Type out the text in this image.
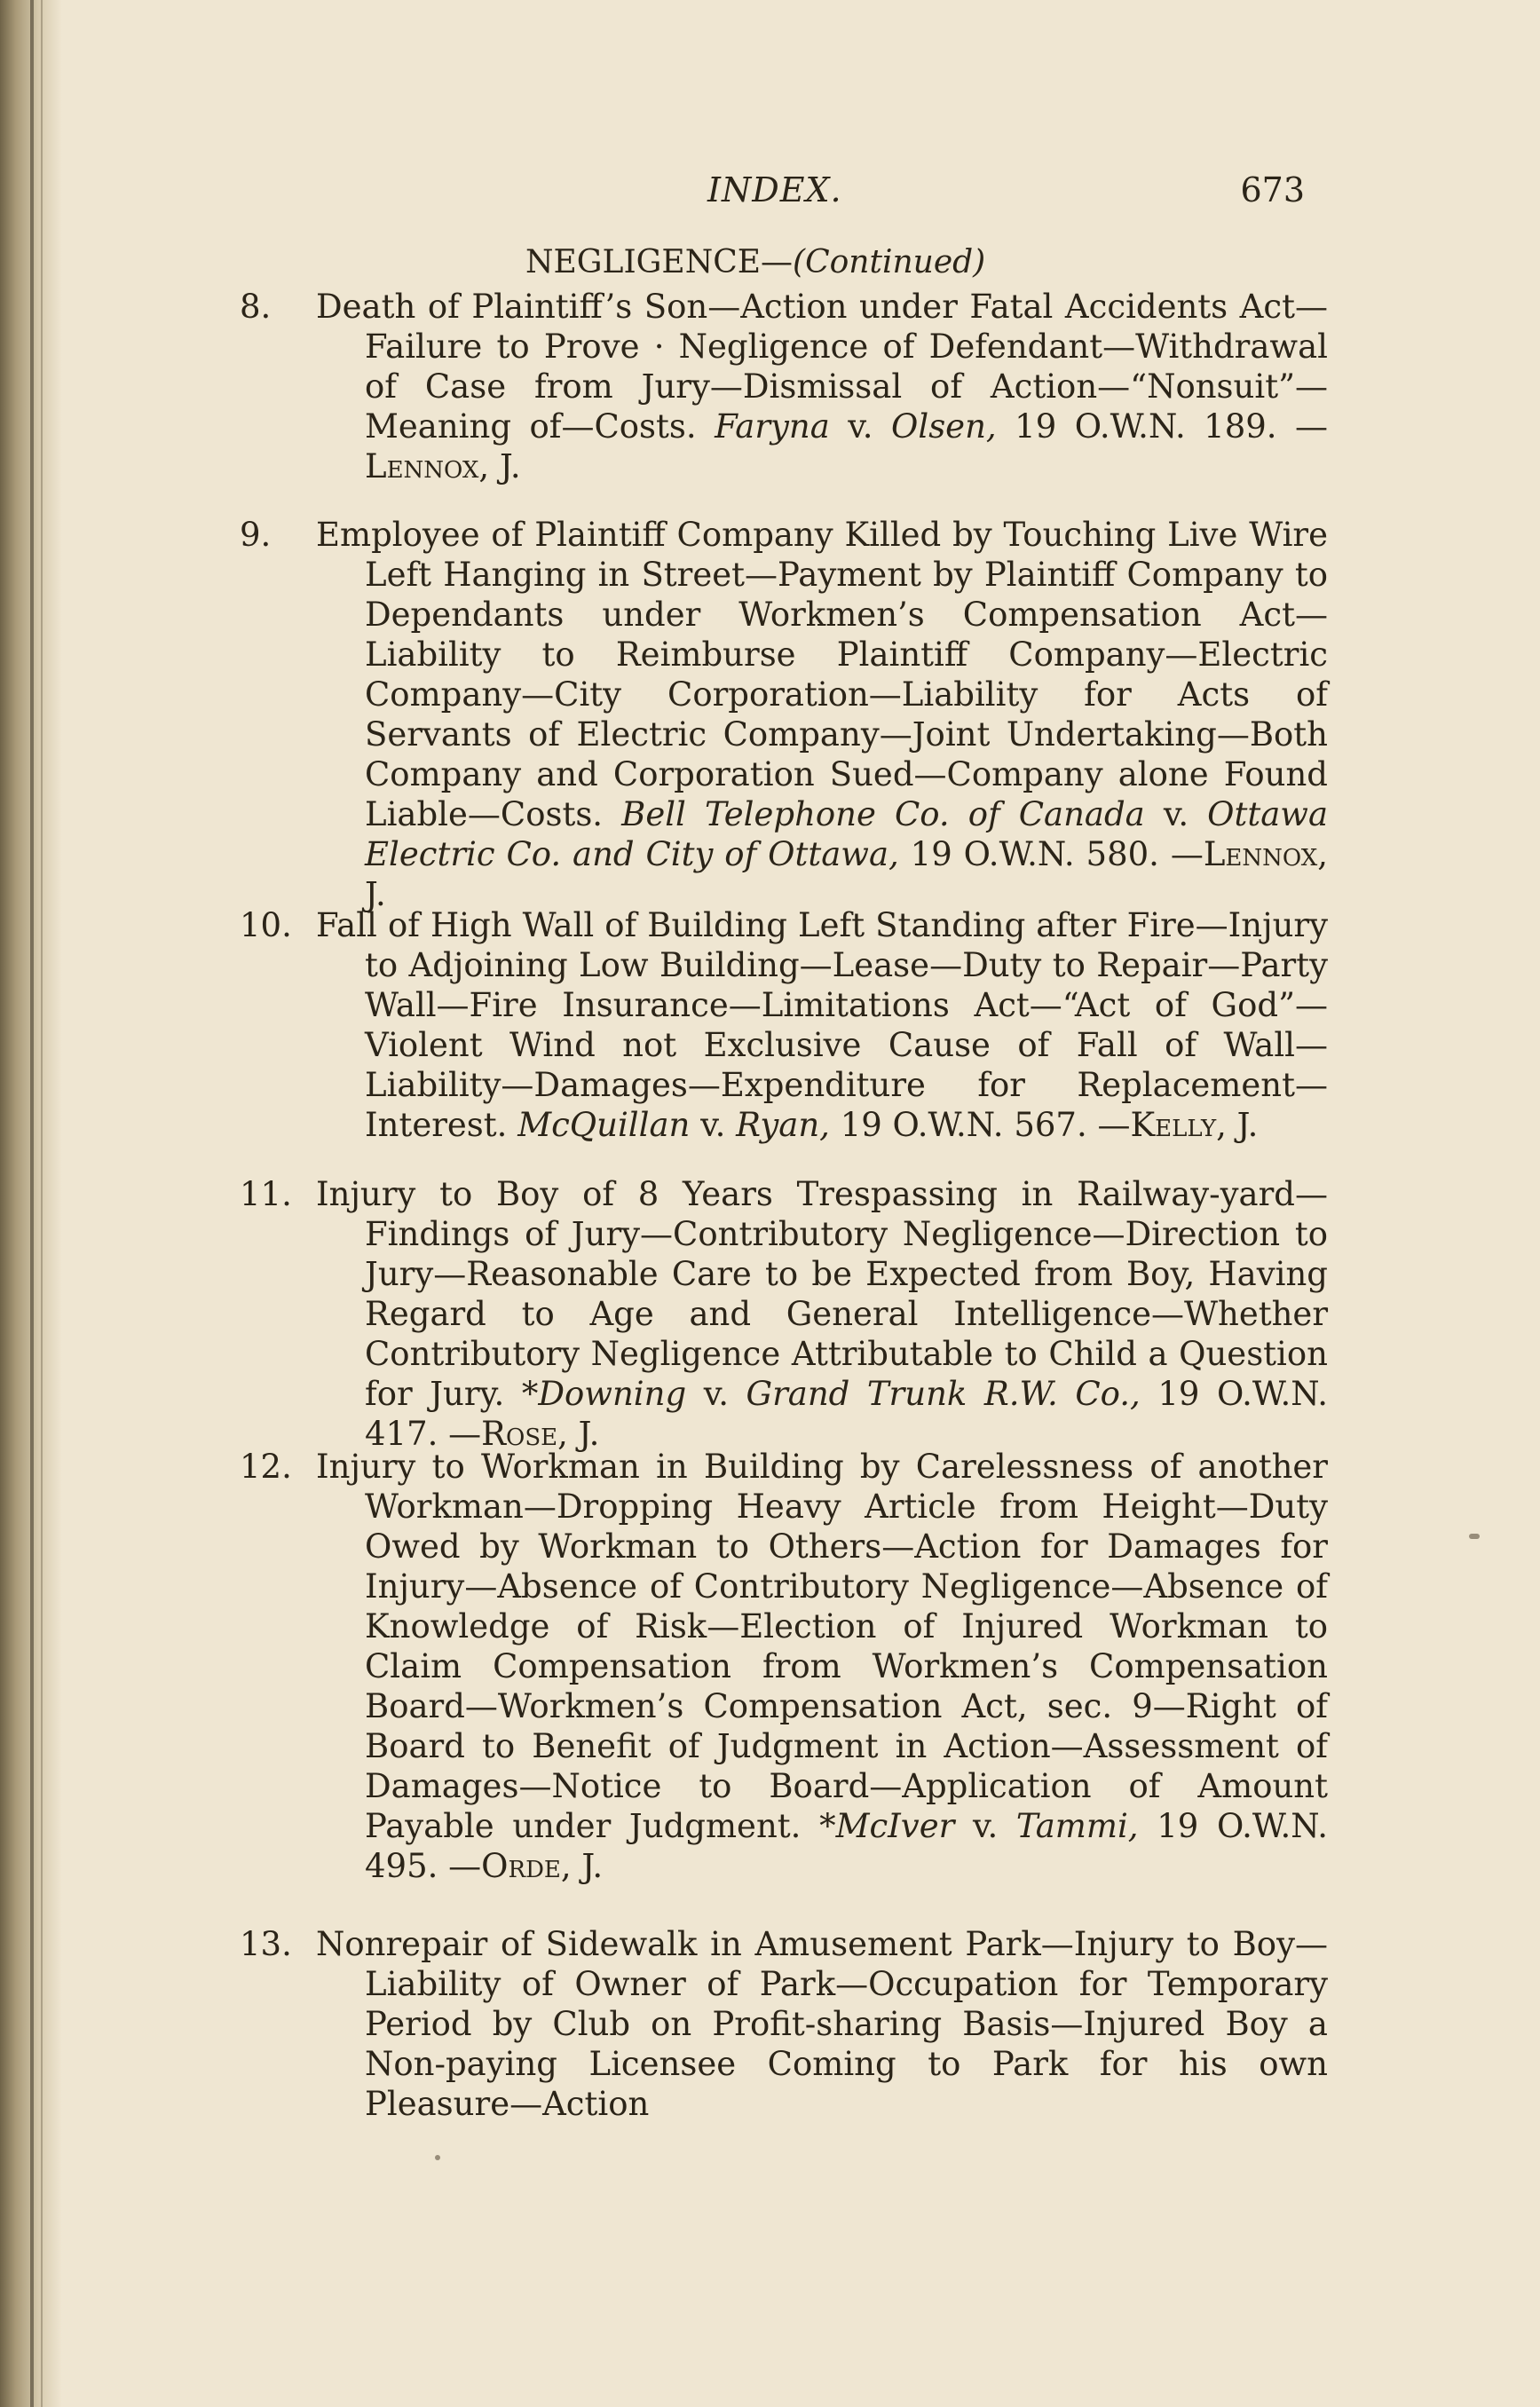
INDEX.	673
NEGLIGENCE—(Continued)
8.	Death of Plaintiff’s Son—Action under Fatal Accidents Act—Failure to Prove · Negligence of Defendant—Withdrawal of Case from Jury—Dismissal of Action—“Nonsuit”—Meaning of—Costs. Faryna v. Olsen, 19 O.W.N. 189. —Lennox, J.
9.	Employee of Plaintiff Company Killed by Touching Live Wire Left Hanging in Street—Payment by Plaintiff Company to Dependants under Workmen’s Compensation Act—Liability to Reimburse Plaintiff Company—Electric Company—City Corporation—Liability for Acts of Servants of Electric Company—Joint Undertaking—Both Company and Corporation Sued—Company alone Found Liable—Costs. Bell Telephone Co. of Canada v. Ottawa Electric Co. and City of Ottawa, 19 O.W.N. 580. —Lennox, J.
10. Fall of High Wall of Building Left Standing after Fire—Injury to Adjoining Low Building—Lease—Duty to Repair—Party Wall—Fire Insurance—Limitations Act—“Act of God”—Violent Wind not Exclusive Cause of Fall of Wall—Liability—Damages—Expenditure for Replacement—Interest. McQuillan v. Ryan, 19 O.W.N. 567. —Kelly, J.
11. Injury to Boy of 8 Years Trespassing in Railway-yard—Findings of Jury—Contributory Negligence—Direction to Jury—Reasonable Care to be Expected from Boy, Having Regard to Age and General Intelligence—Whether Contributory Negligence Attributable to Child a Question for Jury. *Downing v. Grand Trunk R.W. Co., 19 O.W.N. 417. —Rose, J.
12. Injury to Workman in Building by Carelessness of another Workman—Dropping Heavy Article from Height—Duty Owed by Workman to Others—Action for Damages for Injury—Absence of Contributory Negligence—Absence of Knowledge of Risk—Election of Injured Workman to Claim Compensation from Workmen’s Compensation Board—Workmen’s Compensation Act, sec. 9—Right of Board to Benefit of Judgment in Action—Assessment of Damages—Notice to Board—Application of Amount Payable under Judgment. *McIver v. Tammi, 19 O.W.N. 495. —Orde, J.
13. Nonrepair of Sidewalk in Amusement Park—Injury to Boy—Liability of Owner of Park—Occupation for Temporary Period by Club on Profit-sharing Basis—Injured Boy a Non-paying Licensee Coming to Park for his own Pleasure—Action
